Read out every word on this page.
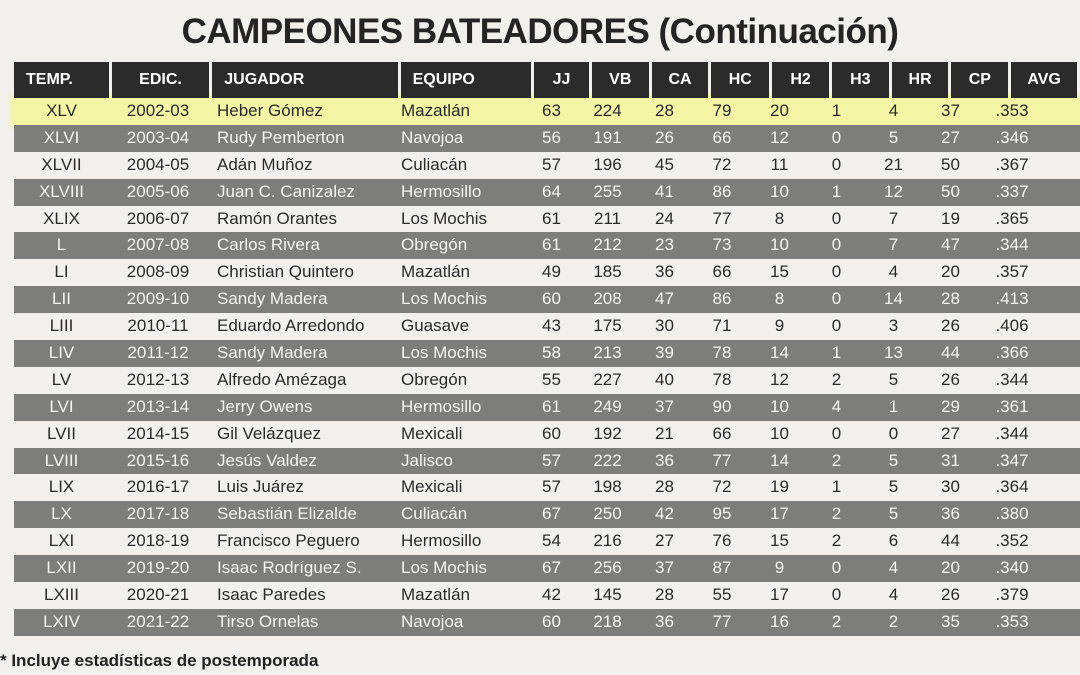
CAMPEONES BATEADORES (Continuación)
TEMP.	EDIC.	JUGADOR	EQUIPO	JJ	VB	CA	HC	H2	H3	HR	CP	AVG
XLV	2002-03	Heber Gómez	Mazatlán	63	224	28	79	20	1	4	37	.353
XLVI	2003-04	Rudy Pemberton	Navojoa	56	191	26	66	12	0	5	27	.346
XLVII	2004-05	Adán Muñoz	Culiacán	57	196	45	72	11	0	21	50	.367
XLVIII	2005-06	Juan C. Canizalez	Hermosillo	64	255	41	86	10	1	12	50	.337
XLIX	2006-07	Ramón Orantes	Los Mochis	61	211	24	77	8	0	7	19	.365
L	2007-08	Carlos Rivera	Obregón	61	212	23	73	10	0	7	47	.344
LI	2008-09	Christian Quintero	Mazatlán	49	185	36	66	15	0	4	20	.357
LII	2009-10	Sandy Madera	Los Mochis	60	208	47	86	8	0	14	28	.413
LIII	2010-11	Eduardo Arredondo	Guasave	43	175	30	71	9	0	3	26	.406
LIV	2011-12	Sandy Madera	Los Mochis	58	213	39	78	14	1	13	44	.366
LV	2012-13	Alfredo Amézaga	Obregón	55	227	40	78	12	2	5	26	.344
LVI	2013-14	Jerry Owens	Hermosillo	61	249	37	90	10	4	1	29	.361
LVII	2014-15	Gil Velázquez	Mexicali	60	192	21	66	10	0	0	27	.344
LVIII	2015-16	Jesús Valdez	Jalisco	57	222	36	77	14	2	5	31	.347
LIX	2016-17	Luis Juárez	Mexicali	57	198	28	72	19	1	5	30	.364
LX	2017-18	Sebastián Elizalde	Culiacán	67	250	42	95	17	2	5	36	.380
LXI	2018-19	Francisco Peguero	Hermosillo	54	216	27	76	15	2	6	44	.352
LXII	2019-20	Isaac Rodríguez S.	Los Mochis	67	256	37	87	9	0	4	20	.340
LXIII	2020-21	Isaac Paredes	Mazatlán	42	145	28	55	17	0	4	26	.379
LXIV	2021-22	Tirso Ornelas	Navojoa	60	218	36	77	16	2	2	35	.353
* Incluye estadísticas de postemporada
